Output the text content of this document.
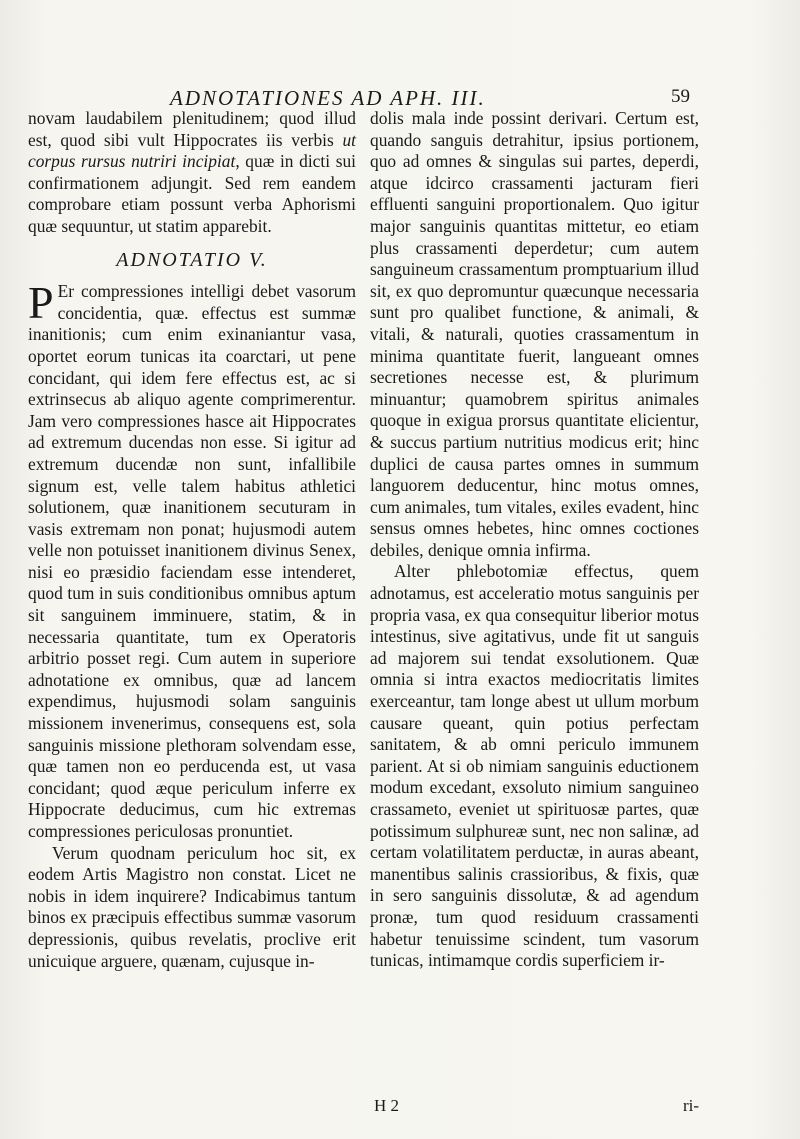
ADNOTATIONES AD APH. III.	59

novam laudabilem plenitudinem; quod illud est, quod sibi vult Hippocrates iis verbis ut corpus rursus nutriri incipiat, quæ in dicti sui confirmationem adjungit. Sed rem eandem comprobare etiam possunt verba Aphorismi quæ sequuntur, ut statim apparebit.

ADNOTATIO V.

P Er compressiones intelligi debet vasorum concidentia, quæ. effectus est summæ inanitionis; cum enim exinaniantur vasa, oportet eorum tunicas ita coarctari, ut pene concidant, qui idem fere effectus est, ac si extrinsecus ab aliquo agente comprimerentur. Jam vero compressiones hasce ait Hippocrates ad extremum ducendas non esse. Si igitur ad extremum ducendæ non sunt, infallibile signum est, velle talem habitus athletici solutionem, quæ inanitionem secuturam in vasis extremam non ponat; hujusmodi autem velle non potuisset inanitionem divinus Senex, nisi eo præsidio faciendam esse intenderet, quod tum in suis conditionibus omnibus aptum sit sanguinem imminuere, statim, & in necessaria quantitate, tum ex Operatoris arbitrio posset regi. Cum autem in superiore adnotatione ex omnibus, quæ ad lancem expendimus, hujusmodi solam sanguinis missionem invenerimus, consequens est, sola sanguinis missione plethoram solvendam esse, quæ tamen non eo perducenda est, ut vasa concidant; quod æque periculum inferre ex Hippocrate deducimus, cum hic extremas compressiones periculosas pronuntiet.

Verum quodnam periculum hoc sit, ex eodem Artis Magistro non constat. Licet ne nobis in idem inquirere? Indicabimus tantum binos ex præcipuis effectibus summæ vasorum depressionis, quibus revelatis, proclive erit unicuique arguere, quænam, cujusque in-

dolis mala inde possint derivari. Certum est, quando sanguis detrahitur, ipsius portionem, quo ad omnes & singulas sui partes, deperdi, atque idcirco crassamenti jacturam fieri effluenti sanguini proportionalem. Quo igitur major sanguinis quantitas mittetur, eo etiam plus crassamenti deperdetur; cum autem sanguineum crassamentum promptuarium illud sit, ex quo depromuntur quæcunque necessaria sunt pro qualibet functione, & animali, & vitali, & naturali, quoties crassamentum in minima quantitate fuerit, langueant omnes secretiones necesse est, & plurimum minuantur; quamobrem spiritus animales quoque in exigua prorsus quantitate elicientur, & succus partium nutritius modicus erit; hinc duplici de causa partes omnes in summum languorem deducentur, hinc motus omnes, cum animales, tum vitales, exiles evadent, hinc sensus omnes hebetes, hinc omnes coctiones debiles, denique omnia infirma.

Alter phlebotomiæ effectus, quem adnotamus, est acceleratio motus sanguinis per propria vasa, ex qua consequitur liberior motus intestinus, sive agitativus, unde fit ut sanguis ad majorem sui tendat exsolutionem. Quæ omnia si intra exactos mediocritatis limites exerceantur, tam longe abest ut ullum morbum causare queant, quin potius perfectam sanitatem, & ab omni periculo immunem parient. At si ob nimiam sanguinis eductionem modum excedant, exsoluto nimium sanguineo crassameto, eveniet ut spirituosæ partes, quæ potissimum sulphureæ sunt, nec non salinæ, ad certam volatilitatem perductæ, in auras abeant, manentibus salinis crassioribus, & fixis, quæ in sero sanguinis dissolutæ, & ad agendum pronæ, tum quod residuum crassamenti habetur tenuissime scindent, tum vasorum tunicas, intimamque cordis superficiem ir-

H 2	ri-
